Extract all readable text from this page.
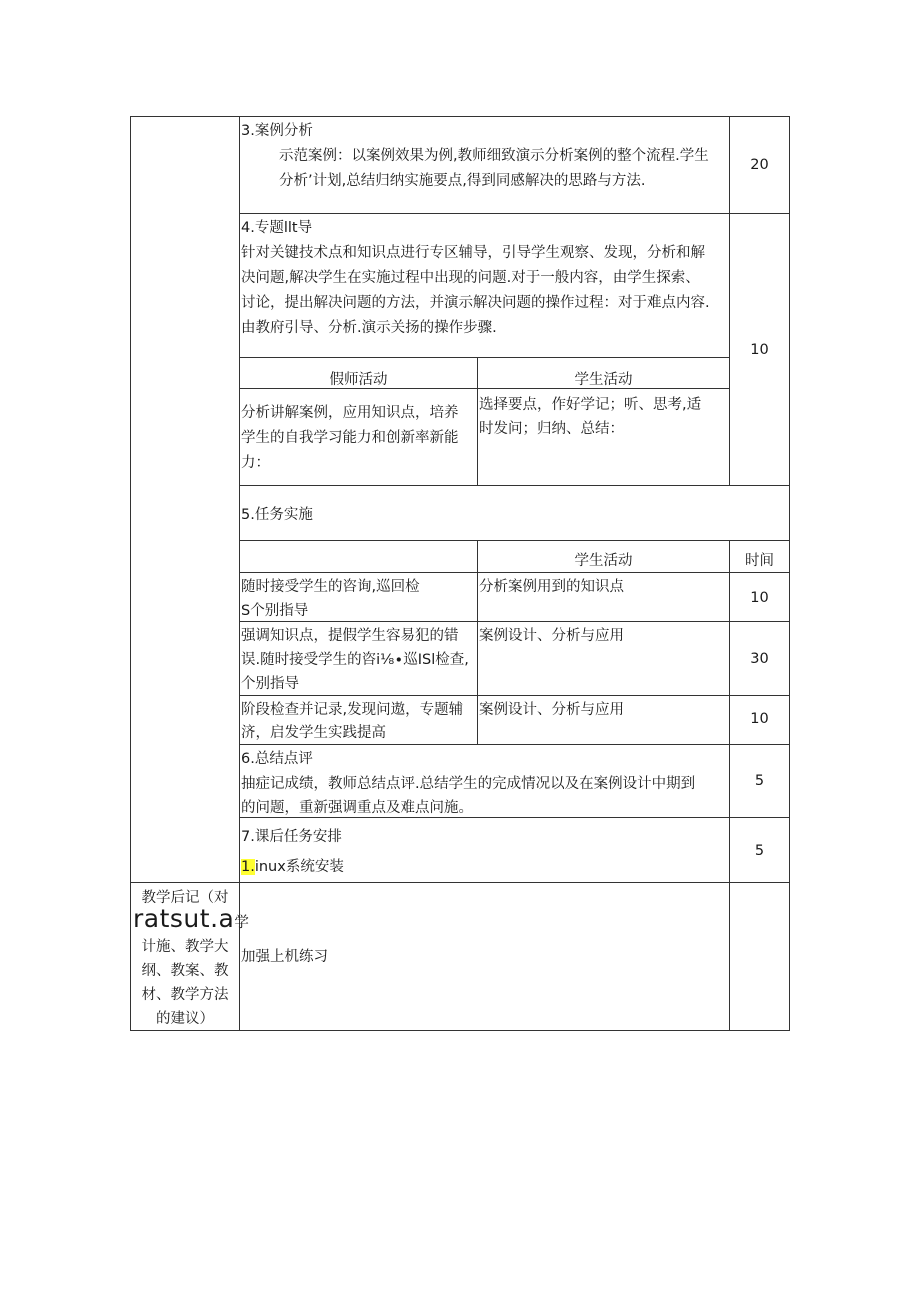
3.案例分析
示范案例：以案例效果为例,教师细致演示分析案例的整个流程.学生
分析’计划,总结归纳实施要点,得到同感解决的思路与方法.
20
4.专题llt导
针对关键技术点和知识点进行专区辅导，引导学生观察、发现，分析和解
决问题,解决学生在实施过程中出现的问题.对于一般内容，由学生探索、
讨论，提出解决问题的方法，并演示解决问题的操作过程：对于难点内容.
由教府引导、分析.演示关扬的操作步骤.
10
假师活动	学生活动
分析讲解案例，应用知识点，培养
学生的自我学习能力和创新率新能
力：
选择要点，作好学记；听、思考,适
时发问；归纳、总结：
5.任务实施
学生活动	时间
随时接受学生的咨询,巡回检
S个别指导
分析案例用到的知识点
10
强调知识点，提假学生容易犯的错
误.随时接受学生的咨i⅛∙巡ISl检查,
个别指导
案例设计、分析与应用
30
阶段检查并记录,发现问遨，专题辅
济，启发学生实践提高
案例设计、分析与应用
10
6.总结点评
抽症记成绩，教师总结点评.总结学生的完成情况以及在案例设计中期到
的问题，重新强调重点及难点问施。
5
7.课后任务安排
1.inux系统安装
5
教学后记（对
ratsut.a学
计施、教学大
纲、教案、教
材、教学方法
的建议）
加强上机练习
